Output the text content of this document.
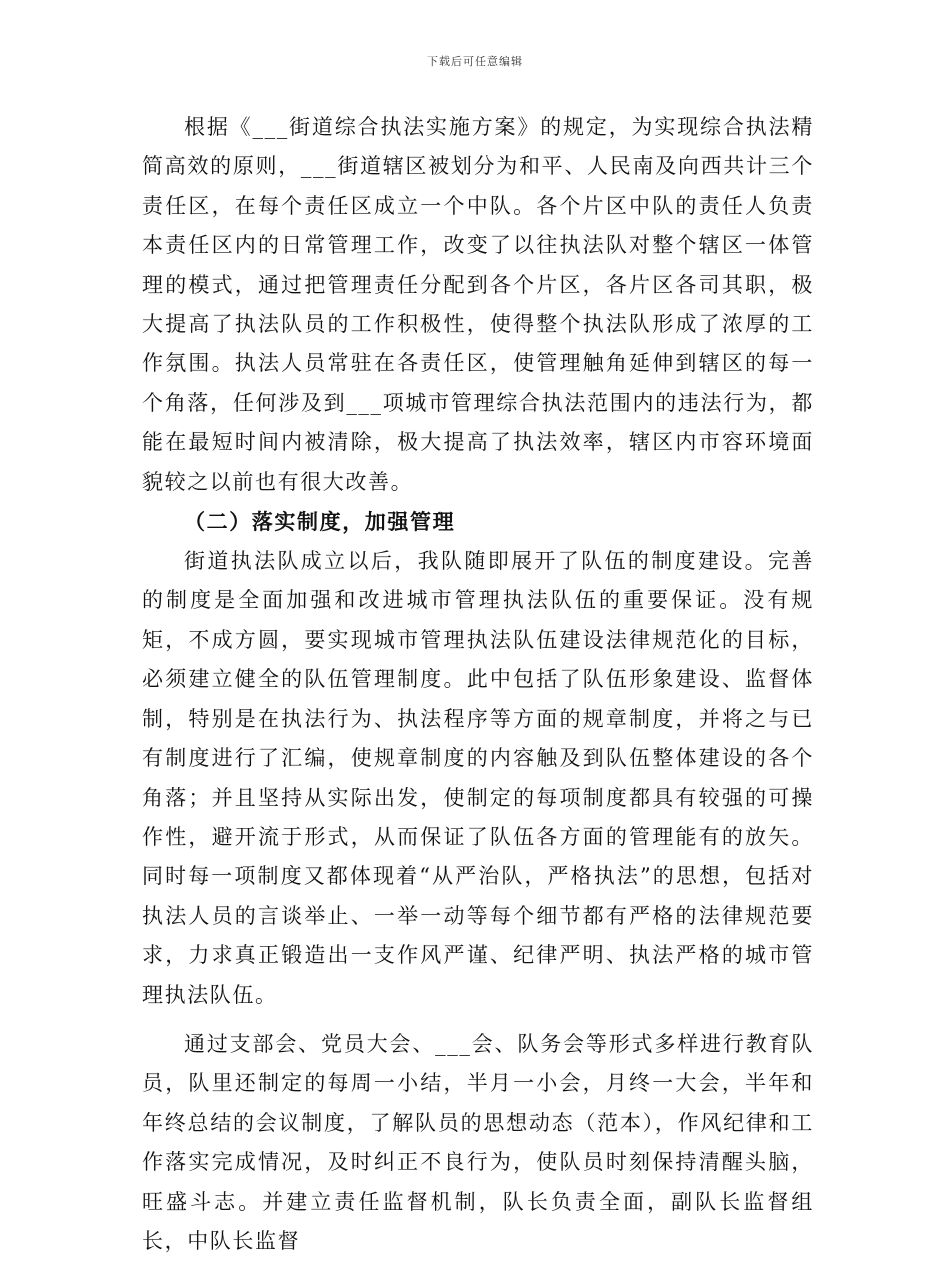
下载后可任意编辑

根据《___街道综合执法实施方案》的规定，为实现综合执法精简高效的原则，___街道辖区被划分为和平、人民南及向西共计三个责任区，在每个责任区成立一个中队。各个片区中队的责任人负责本责任区内的日常管理工作，改变了以往执法队对整个辖区一体管理的模式，通过把管理责任分配到各个片区，各片区各司其职，极大提高了执法队员的工作积极性，使得整个执法队形成了浓厚的工作氛围。执法人员常驻在各责任区，使管理触角延伸到辖区的每一个角落，任何涉及到___项城市管理综合执法范围内的违法行为，都能在最短时间内被清除，极大提高了执法效率，辖区内市容环境面貌较之以前也有很大改善。

（二）落实制度，加强管理

街道执法队成立以后，我队随即展开了队伍的制度建设。完善的制度是全面加强和改进城市管理执法队伍的重要保证。没有规矩，不成方圆，要实现城市管理执法队伍建设法律规范化的目标，必须建立健全的队伍管理制度。此中包括了队伍形象建设、监督体制，特别是在执法行为、执法程序等方面的规章制度，并将之与已有制度进行了汇编，使规章制度的内容触及到队伍整体建设的各个角落；并且坚持从实际出发，使制定的每项制度都具有较强的可操作性，避开流于形式，从而保证了队伍各方面的管理能有的放矢。同时每一项制度又都体现着“从严治队，严格执法”的思想，包括对执法人员的言谈举止、一举一动等每个细节都有严格的法律规范要求，力求真正锻造出一支作风严谨、纪律严明、执法严格的城市管理执法队伍。

通过支部会、党员大会、___会、队务会等形式多样进行教育队员，队里还制定的每周一小结，半月一小会，月终一大会，半年和年终总结的会议制度，了解队员的思想动态（范本），作风纪律和工作落实完成情况，及时纠正不良行为，使队员时刻保持清醒头脑，旺盛斗志。并建立责任监督机制，队长负责全面，副队长监督组长，中队长监督
